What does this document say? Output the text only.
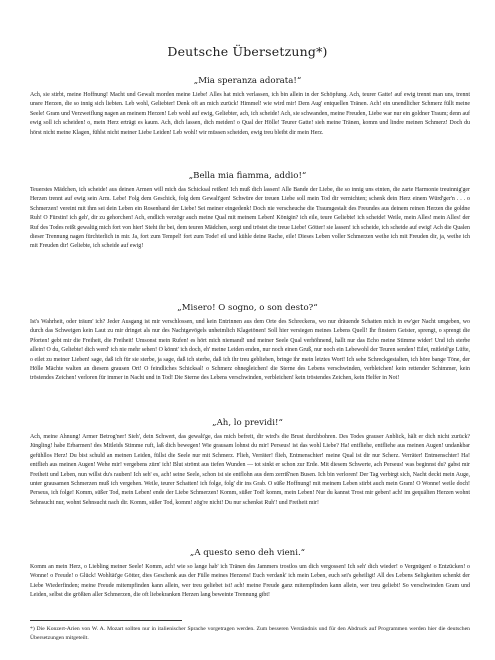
Deutsche Übersetzung*)
„Mia speranza adorata!“

Ach, sie stirbt, meine Hoffnung! Macht und Gewalt morden meine Liebe! Alles hat mich verlassen, ich bin allein in der Schöpfung. Ach, teurer Gatte! auf ewig trennt man uns, trennt unsre Herzen, die so innig sich liebten. Leb wohl, Geliebter! Denk oft an mich zurück! Himmel! wie wird mir! Dem Aug' entquellen Tränen. Ach! ein unendlicher Schmerz füllt meine Seele! Gram und Verzweiflung nagen an meinem Herzen! Leb wohl auf ewig, Geliebter, ach, ich scheide! Ach, sie schwanden, meine Freuden, Liebe war nur ein goldner Traum; denn auf ewig soll ich scheiden! o, mein Herz erträgt es kaum. Ach, dich lassen, dich meiden! o Qual der Hölle! Teurer Gatte! sieh meine Tränen, komm und lindre meinen Schmerz! Doch du hörst nicht meine Klagen, fühlst nicht meiner Liebe Leiden! Leb wohl! wir müssen scheiden, ewig treu bleibt dir mein Herz.

„Bella mia fiamma, addio!“

Teuerstes Mädchen, ich scheide! aus deinen Armen will mich das Schicksal reißen! Ich muß dich lassen! Alle Bande der Liebe, die so innig uns einten, die zarte Harmonie treuinnig'ger Herzen trennt auf ewig sein Arm. Lebe! Folg dem Geschick, folg dem Gewalt'gen! Schwüre der treuen Liebe soll mein Tod dir vernichten; schenk dein Herz einem Würd'ger'n . . . o Schmerzen! vereint mit ihm sei dein Leben ein Rosenband der Liebe! Sei meiner eingedenk! Doch nie verscheuche die Traumgestalt des Freundes aus deinem reinen Herzen die goldne Ruh! O Fürstin! ich geh', dir zu gehorchen! Ach, endlich verzögr auch meine Qual mit meinem Leben! Königin? ich eile, teure Geliebte! ich scheide! Weile, mein Alles! mein Alles! der Ruf des Todes reißt gewaltig mich fort von hier! Steht ihr bei, dem teuren Mädchen, sorgt und tröstet die treue Liebe! Götter! sie lassen! ich scheide, ich scheide auf ewig! Ach die Qualen dieser Trennung nagen fürchterlich in mir. Ja, fort zum Tempel! fort zum Tode! eil und kühle deine Rache, eile! Dieses Leben voller Schmerzen weihe ich mit Freuden dir, ja, weihe ich mit Freuden dir! Geliebte, ich scheide auf ewig!

„Misero! O sogno, o son desto?“

Ist's Wahrheit, oder träum' ich? Jeder Ausgang ist mir verschlossen, und kein Entrinnen aus dem Orte des Schreckens, wo nur dräuende Schatten mich in ew'ger Nacht umgeben, wo durch das Schweigen kein Laut zu mir dringet als nur des Nachtgevögels unheimlich Klagetönen! Soll hier versiegen meines Lebens Quell! Ihr finstern Geister, sprengt, o sprengt die Pforten! gebt mir die Freiheit, die Freiheit! Umsonst mein Rufen! es hört mich niemand! und meiner Seele Qual verhöhnend, hallt nur das Echo meine Stimme wider! Und ich sterbe allein! O du, Geliebte! dich werd' ich nie mehr sehen! O könnt' ich doch, eh' meine Leiden enden, nur noch einen Gruß, nur noch ein Lebewohl der Teuren senden! Eilet, mitleid'ge Lüfte, o eilet zu meiner Lieben! sage, daß ich für sie sterbe, ja sage, daß ich sterbe, daß ich ihr treu geblieben, bringe ihr mein letztes Wort! Ich sehe Schreckgestalten, ich höre bange Töne, der Hölle Mächte walten an diesem grausen Ort! O feindliches Schicksal! o Schmerz ohnegleichen! die Sterne des Lebens verschwinden, verbleichen! kein rettender Schimmer, kein tröstendes Zeichen! verloren für immer in Nacht und in Tod! Die Sterne des Lebens verschwinden, verbleichen! kein tröstendes Zeichen, kein Helfer in Not!

„Ah, lo previdi!“

Ach, meine Ahnung! Armer Betrog'ner! Sieh', dein Schwert, das gewalt'ge, das mich befreit, dir wird's die Brust durchbohren. Des Todes grauser Anblick, hält er dich nicht zurück? Jüngling! habe Erbarmen! des Mitleids Stimme ruft, laß dich bewegen! Wie grausam lohnst du mir! Perseus! ist das wohl Liebe? Ha! entfliehe, entfliehe aus meinen Augen! undankbar gefühllos Herz! Du bist schuld an meinen Leiden, füllst die Seele nur mit Schmerz. Flieh, Verräter! flieh, Entmenschter! meine Qual ist dir nur Scherz. Verräter! Entmenschter! Ha! entflieh aus meinen Augen! Wehe mir! vergebens zürn' ich! Blut strömt aus tiefen Wunden — tot sinkt er schon zur Erde. Mit diesem Schwerte, ach Perseus! was beginnst du? gabst mir Freiheit und Leben, nun willst du's rauben! Ich seh' es, ach! seine Seele, schon ist sie entflohn aus dem zerriß'nen Busen. Ich bin verloren! Der Tag verbirgt sich, Nacht deckt mein Auge, unter grausamen Schmerzen muß ich vergehen. Weile, teurer Schatten! ich folge, folg' dir ins Grab. O süße Hoffnung! mit meinem Leben stirbt auch mein Gram! O Wonne! weile doch! Perseus, ich folge! Komm, süßer Tod, mein Leben! ende der Liebe Schmerzen! Komm, süßer Tod! komm, mein Leben! Nur du kannst Trost mir geben! ach! im gequälten Herzen wohnt Sehnsucht nur, wohnt Sehnsucht nach dir. Komm, süßer Tod, komm! zög're nicht! Du nur schenkst Ruh'! und Freiheit mir!

„A questo seno deh vieni.“

Komm an mein Herz, o Liebling meiner Seele! Komm, ach! wie so lange hab' ich Tränen des Jammers trostlos um dich vergossen! Ich seh' dich wieder! o Vergnügen! o Entzücken! o Wonne! o Freude! o Glück! Wohltät'ge Götter, dies Geschenk aus der Fülle meines Herzens! Euch verdank' ich mein Leben, euch sei's geheiligt! All des Lebens Seligkeiten schenkt der Liebe Wiederfinden; meine Freude mitempfinden kann allein, wer treu geliebet ist! ach! meine Freude ganz mitempfinden kann allein, wer treu geliebt! So verschwinden Gram und Leiden, selbst die größten aller Schmerzen, die oft liebekranken Herzen lang beweinte Trennung gibt!

*) Die Konzert-Arien von W. A. Mozart sollten nur in italienischer Sprache vorgetragen werden. Zum besseren Verständnis und für den Abdruck auf Programmen werden hier die deutschen Übersetzungen mitgeteilt.
